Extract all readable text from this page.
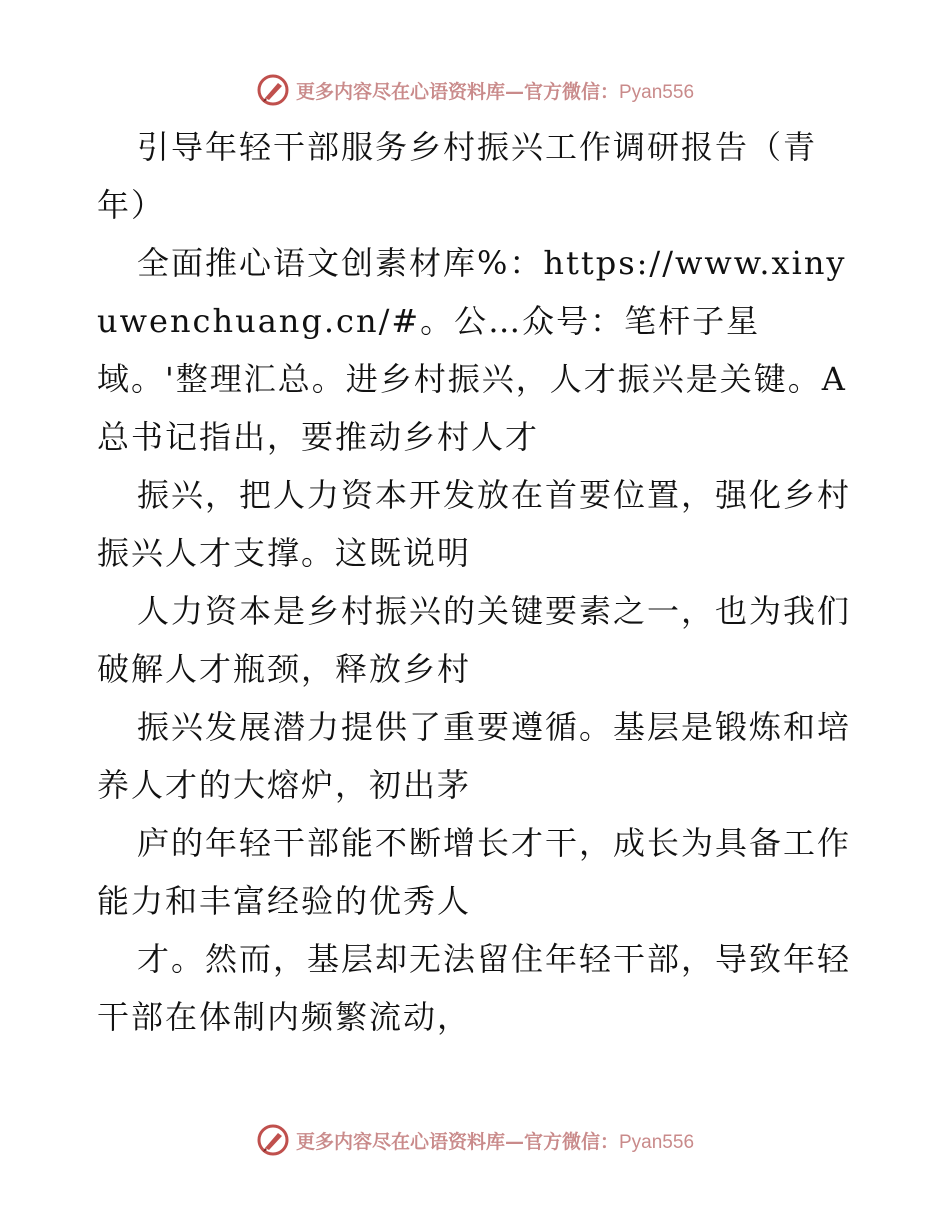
更多内容尽在心语资料库—官方微信：Pyan556

引导年轻干部服务乡村振兴工作调研报告（青年）

全面推心语文创素材库%：https://www.xinyuwenchuang.cn/#。公…众号：笔杆子星域。'整理汇总。进乡村振兴，人才振兴是关键。A总书记指出，要推动乡村人才

振兴，把人力资本开发放在首要位置，强化乡村振兴人才支撑。这既说明

人力资本是乡村振兴的关键要素之一，也为我们破解人才瓶颈，释放乡村

振兴发展潜力提供了重要遵循。基层是锻炼和培养人才的大熔炉，初出茅

庐的年轻干部能不断增长才干，成长为具备工作能力和丰富经验的优秀人

才。然而，基层却无法留住年轻干部，导致年轻干部在体制内频繁流动，

更多内容尽在心语资料库—官方微信：Pyan556
